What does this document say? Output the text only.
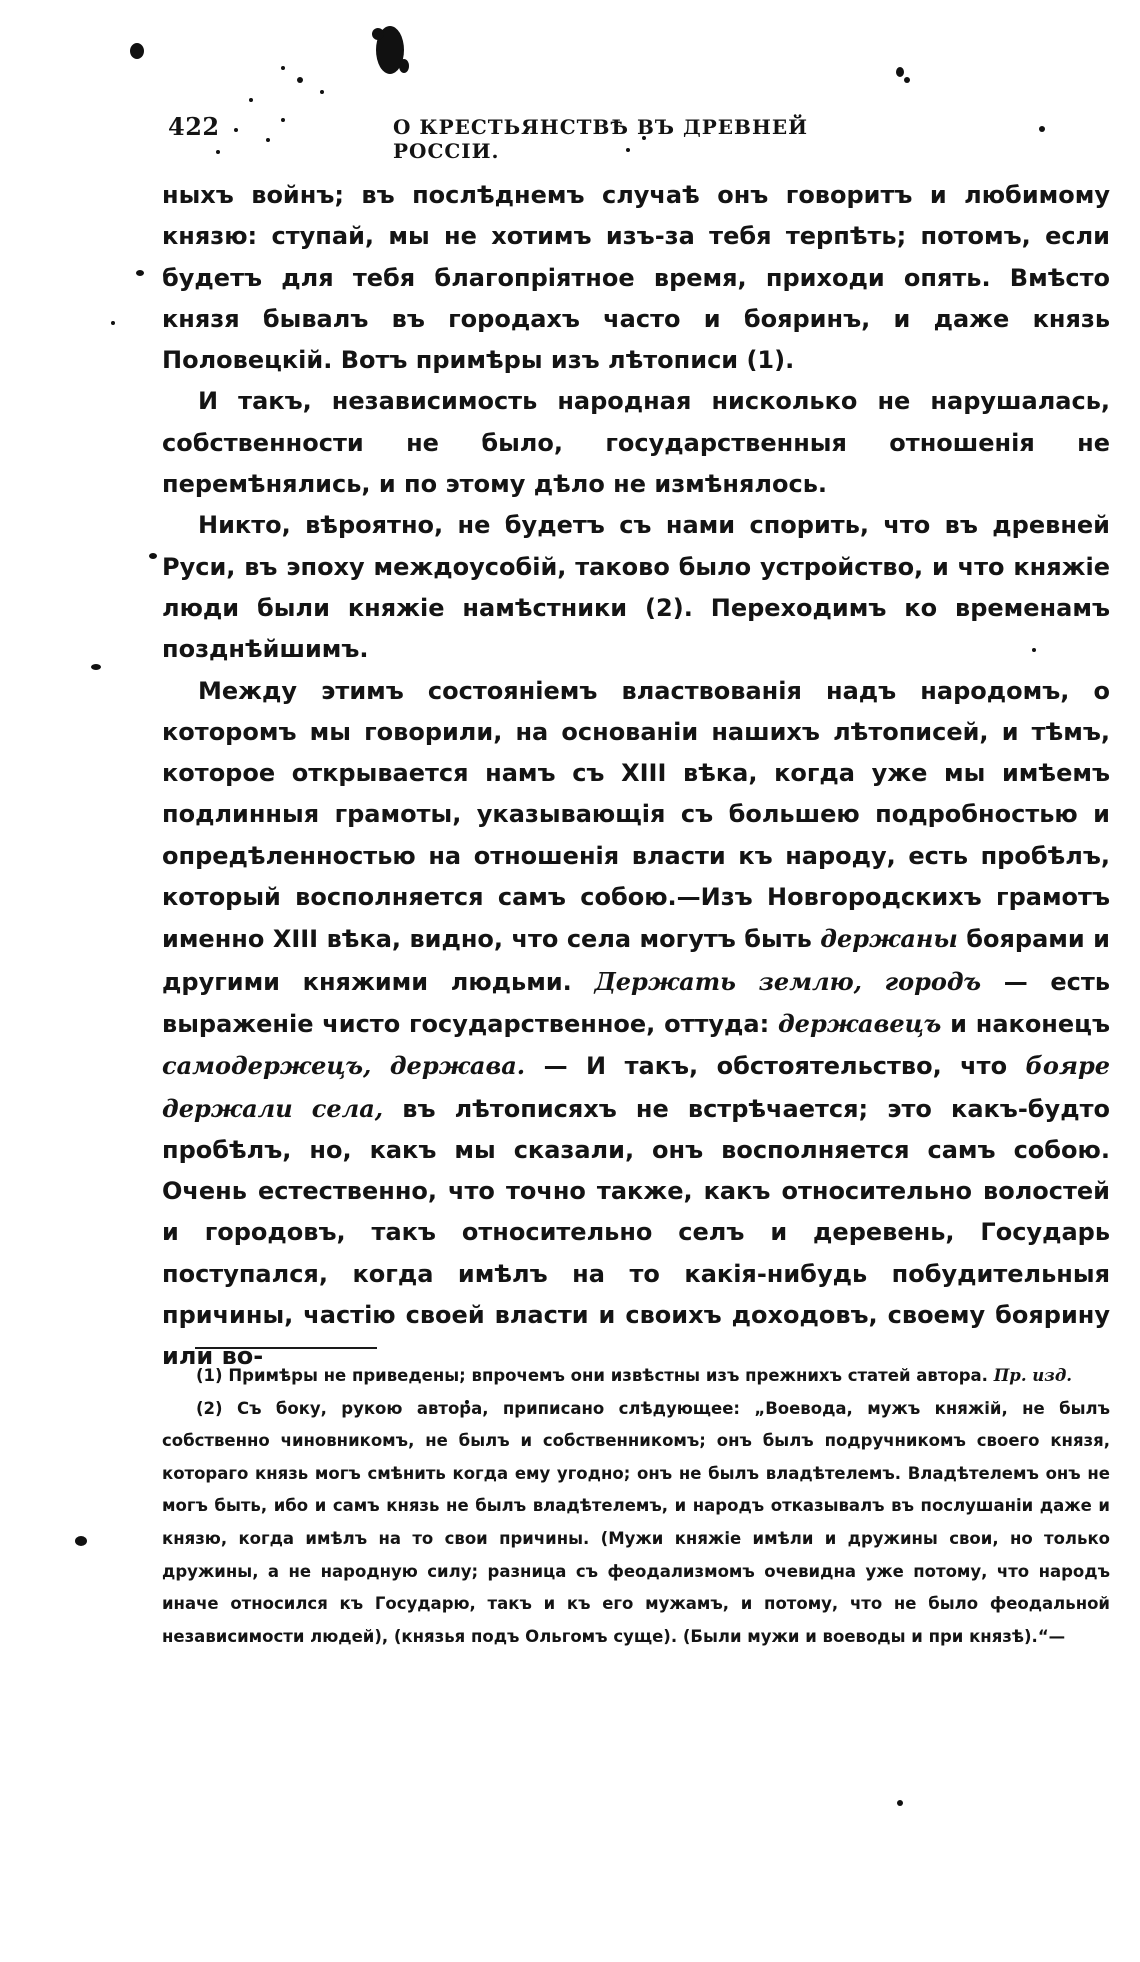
422	О КРЕСТЬЯНСТВѢ ВЪ ДРЕВНЕЙ РОССІИ.

ныхъ войнъ; въ послѣднемъ случаѣ онъ говоритъ и любимому князю: ступай, мы не хотимъ изъ-за тебя терпѣть; потомъ, если будетъ для тебя благопріятное время, приходи опять. Вмѣсто князя бывалъ въ городахъ часто и бояринъ, и даже князь Половецкій. Вотъ примѣры изъ лѣтописи (1).

И такъ, независимость народная нисколько не нарушалась, собственности не было, государственныя отношенія не перемѣнялись, и по этому дѣло не измѣнялось.

Никто, вѣроятно, не будетъ съ нами спорить, что въ древней Руси, въ эпоху междоусобій, таково было устройство, и что княжіе люди были княжіе намѣстники (2). Переходимъ ко временамъ позднѣйшимъ.

Между этимъ состояніемъ властвованія надъ народомъ, о которомъ мы говорили, на основаніи нашихъ лѣтописей, и тѣмъ, которое открывается намъ съ XIII вѣка, когда уже мы имѣемъ подлинныя грамоты, указывающія съ большею подробностью и опредѣленностью на отношенія власти къ народу, есть пробѣлъ, который восполняется самъ собою.—Изъ Новгородскихъ грамотъ именно XIII вѣка, видно, что села могутъ быть держаны боярами и другими княжими людьми. Держать землю, городъ — есть выраженіе чисто государственное, оттуда: державецъ и наконецъ самодержецъ, держава. — И такъ, обстоятельство, что бояре держали села, въ лѣтописяхъ не встрѣчается; это какъ-будто пробѣлъ, но, какъ мы сказали, онъ восполняется самъ собою. Очень естественно, что точно также, какъ относительно волостей и городовъ, такъ относительно селъ и деревень, Государь поступался, когда имѣлъ на то какія-нибудь побудительныя причины, частію своей власти и своихъ доходовъ, своему боярину или во-

(1) Примѣры не приведены; впрочемъ они извѣстны изъ прежнихъ статей автора. Пр. изд.

(2) Съ боку, рукою автора, приписано слѣдующее: „Воевода, мужъ княжій, не былъ собственно чиновникомъ, не былъ и собственникомъ; онъ былъ подручникомъ своего князя, котораго князь могъ смѣнить когда ему угодно; онъ не былъ владѣтелемъ. Владѣтелемъ онъ не могъ быть, ибо и самъ князь не былъ владѣтелемъ, и народъ отказывалъ въ послушаніи даже и князю, когда имѣлъ на то свои причины. (Мужи княжіе имѣли и дружины свои, но только дружины, а не народную силу; разница съ феодализмомъ очевидна уже потому, что народъ иначе относился къ Государю, такъ и къ его мужамъ, и потому, что не было феодальной независимости людей), (князья подъ Ольгомъ суще). (Были мужи и воеводы и при князѣ).“—
